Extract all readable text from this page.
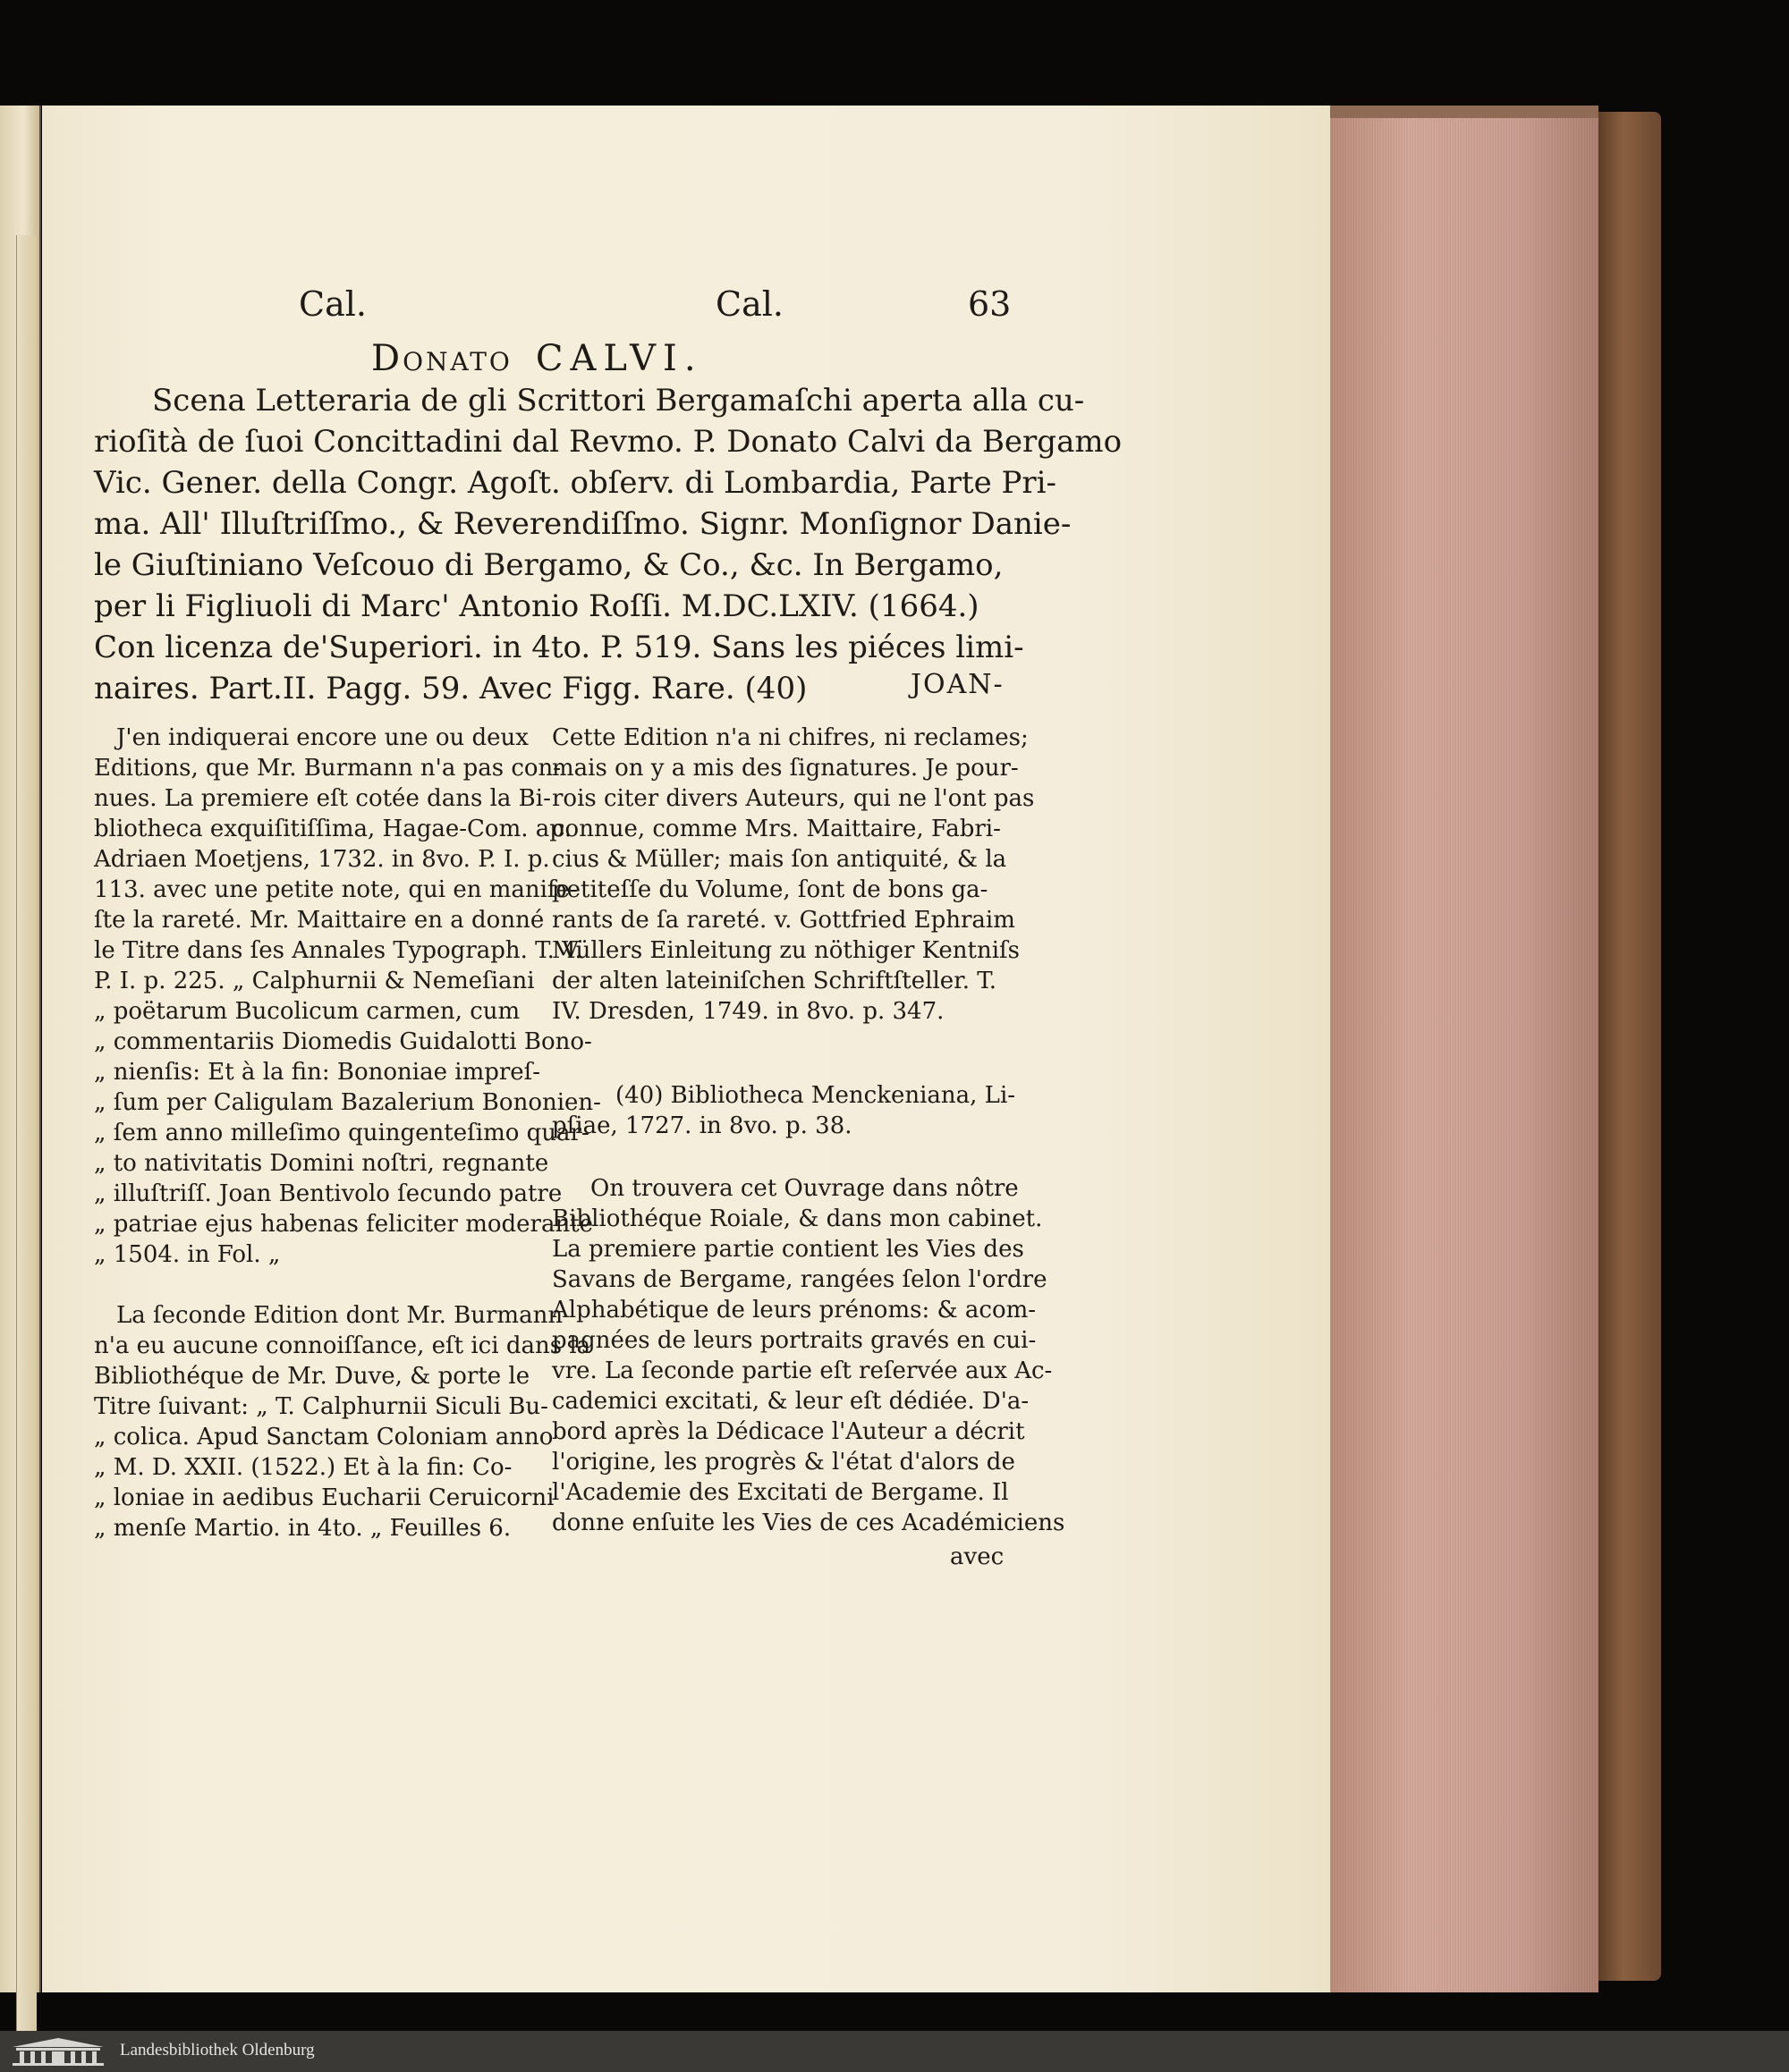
Cal.	Cal.	63
Donato CALVI.
Scena Letteraria de gli Scrittori Bergamaſchi aperta alla cu-
rioſità de ſuoi Concittadini dal Revmo. P. Donato Calvi da Bergamo
Vic. Gener. della Congr. Agoſt. obſerv. di Lombardia, Parte Pri-
ma. All' Illuſtriſſmo., & Reverendiſſmo. Signr. Monſignor Danie-
le Giuſtiniano Veſcouo di Bergamo, & Co., &c. In Bergamo,
per li Figliuoli di Marc' Antonio Roſſi. M.DC.LXIV. (1664.)
Con licenza de'Superiori. in 4to. P. 519. Sans les piéces limi-
naires. Part.II. Pagg. 59. Avec Figg. Rare. (40)	JOAN-
J'en indiquerai encore une ou deux
Editions, que Mr. Burmann n'a pas con-
nues. La premiere eſt cotée dans la Bi-
bliotheca exquiſitiſſima, Hagae-Com. ap.
Adriaen Moetjens, 1732. in 8vo. P. I. p.
113. avec une petite note, qui en manife-
ſte la rareté. Mr. Maittaire en a donné
le Titre dans ſes Annales Typograph. T. V.
P. I. p. 225. „ Calphurnii & Nemeſiani
„ poëtarum Bucolicum carmen, cum
„ commentariis Diomedis Guidalotti Bono-
„ nienſis: Et à la fin: Bononiae impreſ-
„ ſum per Caligulam Bazalerium Bononien-
„ ſem anno milleſimo quingenteſimo quar-
„ to nativitatis Domini noſtri, regnante
„ illuſtriſſ. Joan Bentivolo ſecundo patre
„ patriae ejus habenas feliciter moderante
„ 1504. in Fol. „
La ſeconde Edition dont Mr. Burmann
n'a eu aucune connoiſſance, eſt ici dans la
Bibliothéque de Mr. Duve, & porte le
Titre ſuivant: „ T. Calphurnii Siculi Bu-
„ colica. Apud Sanctam Coloniam anno
„ M. D. XXII. (1522.) Et à la fin: Co-
„ loniae in aedibus Eucharii Ceruicorni
„ menſe Martio. in 4to. „ Feuilles 6.
Cette Edition n'a ni chifres, ni reclames;
mais on y a mis des ſignatures. Je pour-
rois citer divers Auteurs, qui ne l'ont pas
connue, comme Mrs. Maittaire, Fabri-
cius & Müller; mais ſon antiquité, & la
petiteſſe du Volume, ſont de bons ga-
rants de ſa rareté. v. Gottfried Ephraim
Müllers Einleitung zu nöthiger Kentniſs
der alten lateiniſchen Schriftſteller. T.
IV. Dresden, 1749. in 8vo. p. 347.
(40) Bibliotheca Menckeniana, Li-
pſiae, 1727. in 8vo. p. 38.
On trouvera cet Ouvrage dans nôtre
Bibliothéque Roiale, & dans mon cabinet.
La premiere partie contient les Vies des
Savans de Bergame, rangées ſelon l'ordre
Alphabétique de leurs prénoms: & acom-
pagnées de leurs portraits gravés en cui-
vre. La ſeconde partie eſt reſervée aux Ac-
cademici excitati, & leur eſt dédiée. D'a-
bord après la Dédicace l'Auteur a décrit
l'origine, les progrès & l'état d'alors de
l'Academie des Excitati de Bergame. Il
donne enſuite les Vies de ces Académiciens
avec
Landesbibliothek Oldenburg
